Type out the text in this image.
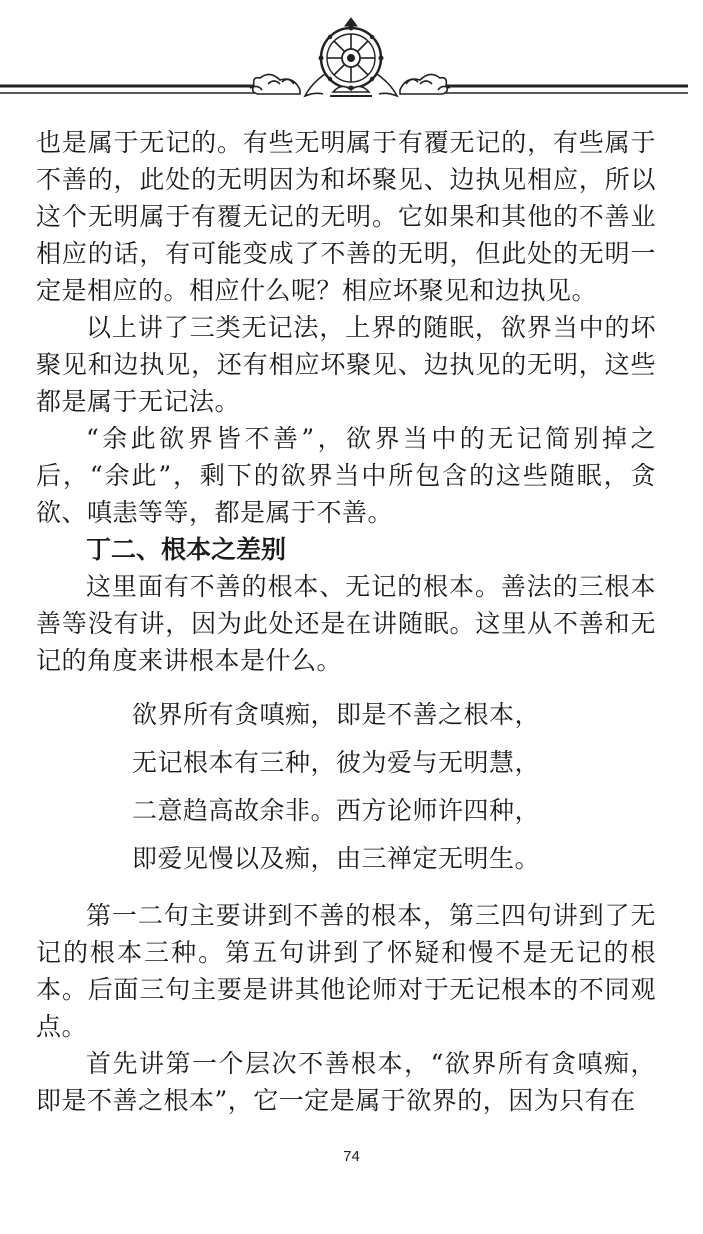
也是属于无记的。有些无明属于有覆无记的，有些属于不善的，此处的无明因为和坏聚见、边执见相应，所以这个无明属于有覆无记的无明。它如果和其他的不善业相应的话，有可能变成了不善的无明，但此处的无明一定是相应的。相应什么呢？相应坏聚见和边执见。

以上讲了三类无记法，上界的随眠，欲界当中的坏聚见和边执见，还有相应坏聚见、边执见的无明，这些都是属于无记法。

“余此欲界皆不善”，欲界当中的无记简别掉之后，“余此”，剩下的欲界当中所包含的这些随眠，贪欲、嗔恚等等，都是属于不善。

丁二、根本之差别

这里面有不善的根本、无记的根本。善法的三根本善等没有讲，因为此处还是在讲随眠。这里从不善和无记的角度来讲根本是什么。

欲界所有贪嗔痴，即是不善之根本，
无记根本有三种，彼为爱与无明慧，
二意趋高故余非。西方论师许四种，
即爱见慢以及痴，由三禅定无明生。

第一二句主要讲到不善的根本，第三四句讲到了无记的根本三种。第五句讲到了怀疑和慢不是无记的根本。后面三句主要是讲其他论师对于无记根本的不同观点。

首先讲第一个层次不善根本，“欲界所有贪嗔痴，即是不善之根本”，它一定是属于欲界的，因为只有在

74
